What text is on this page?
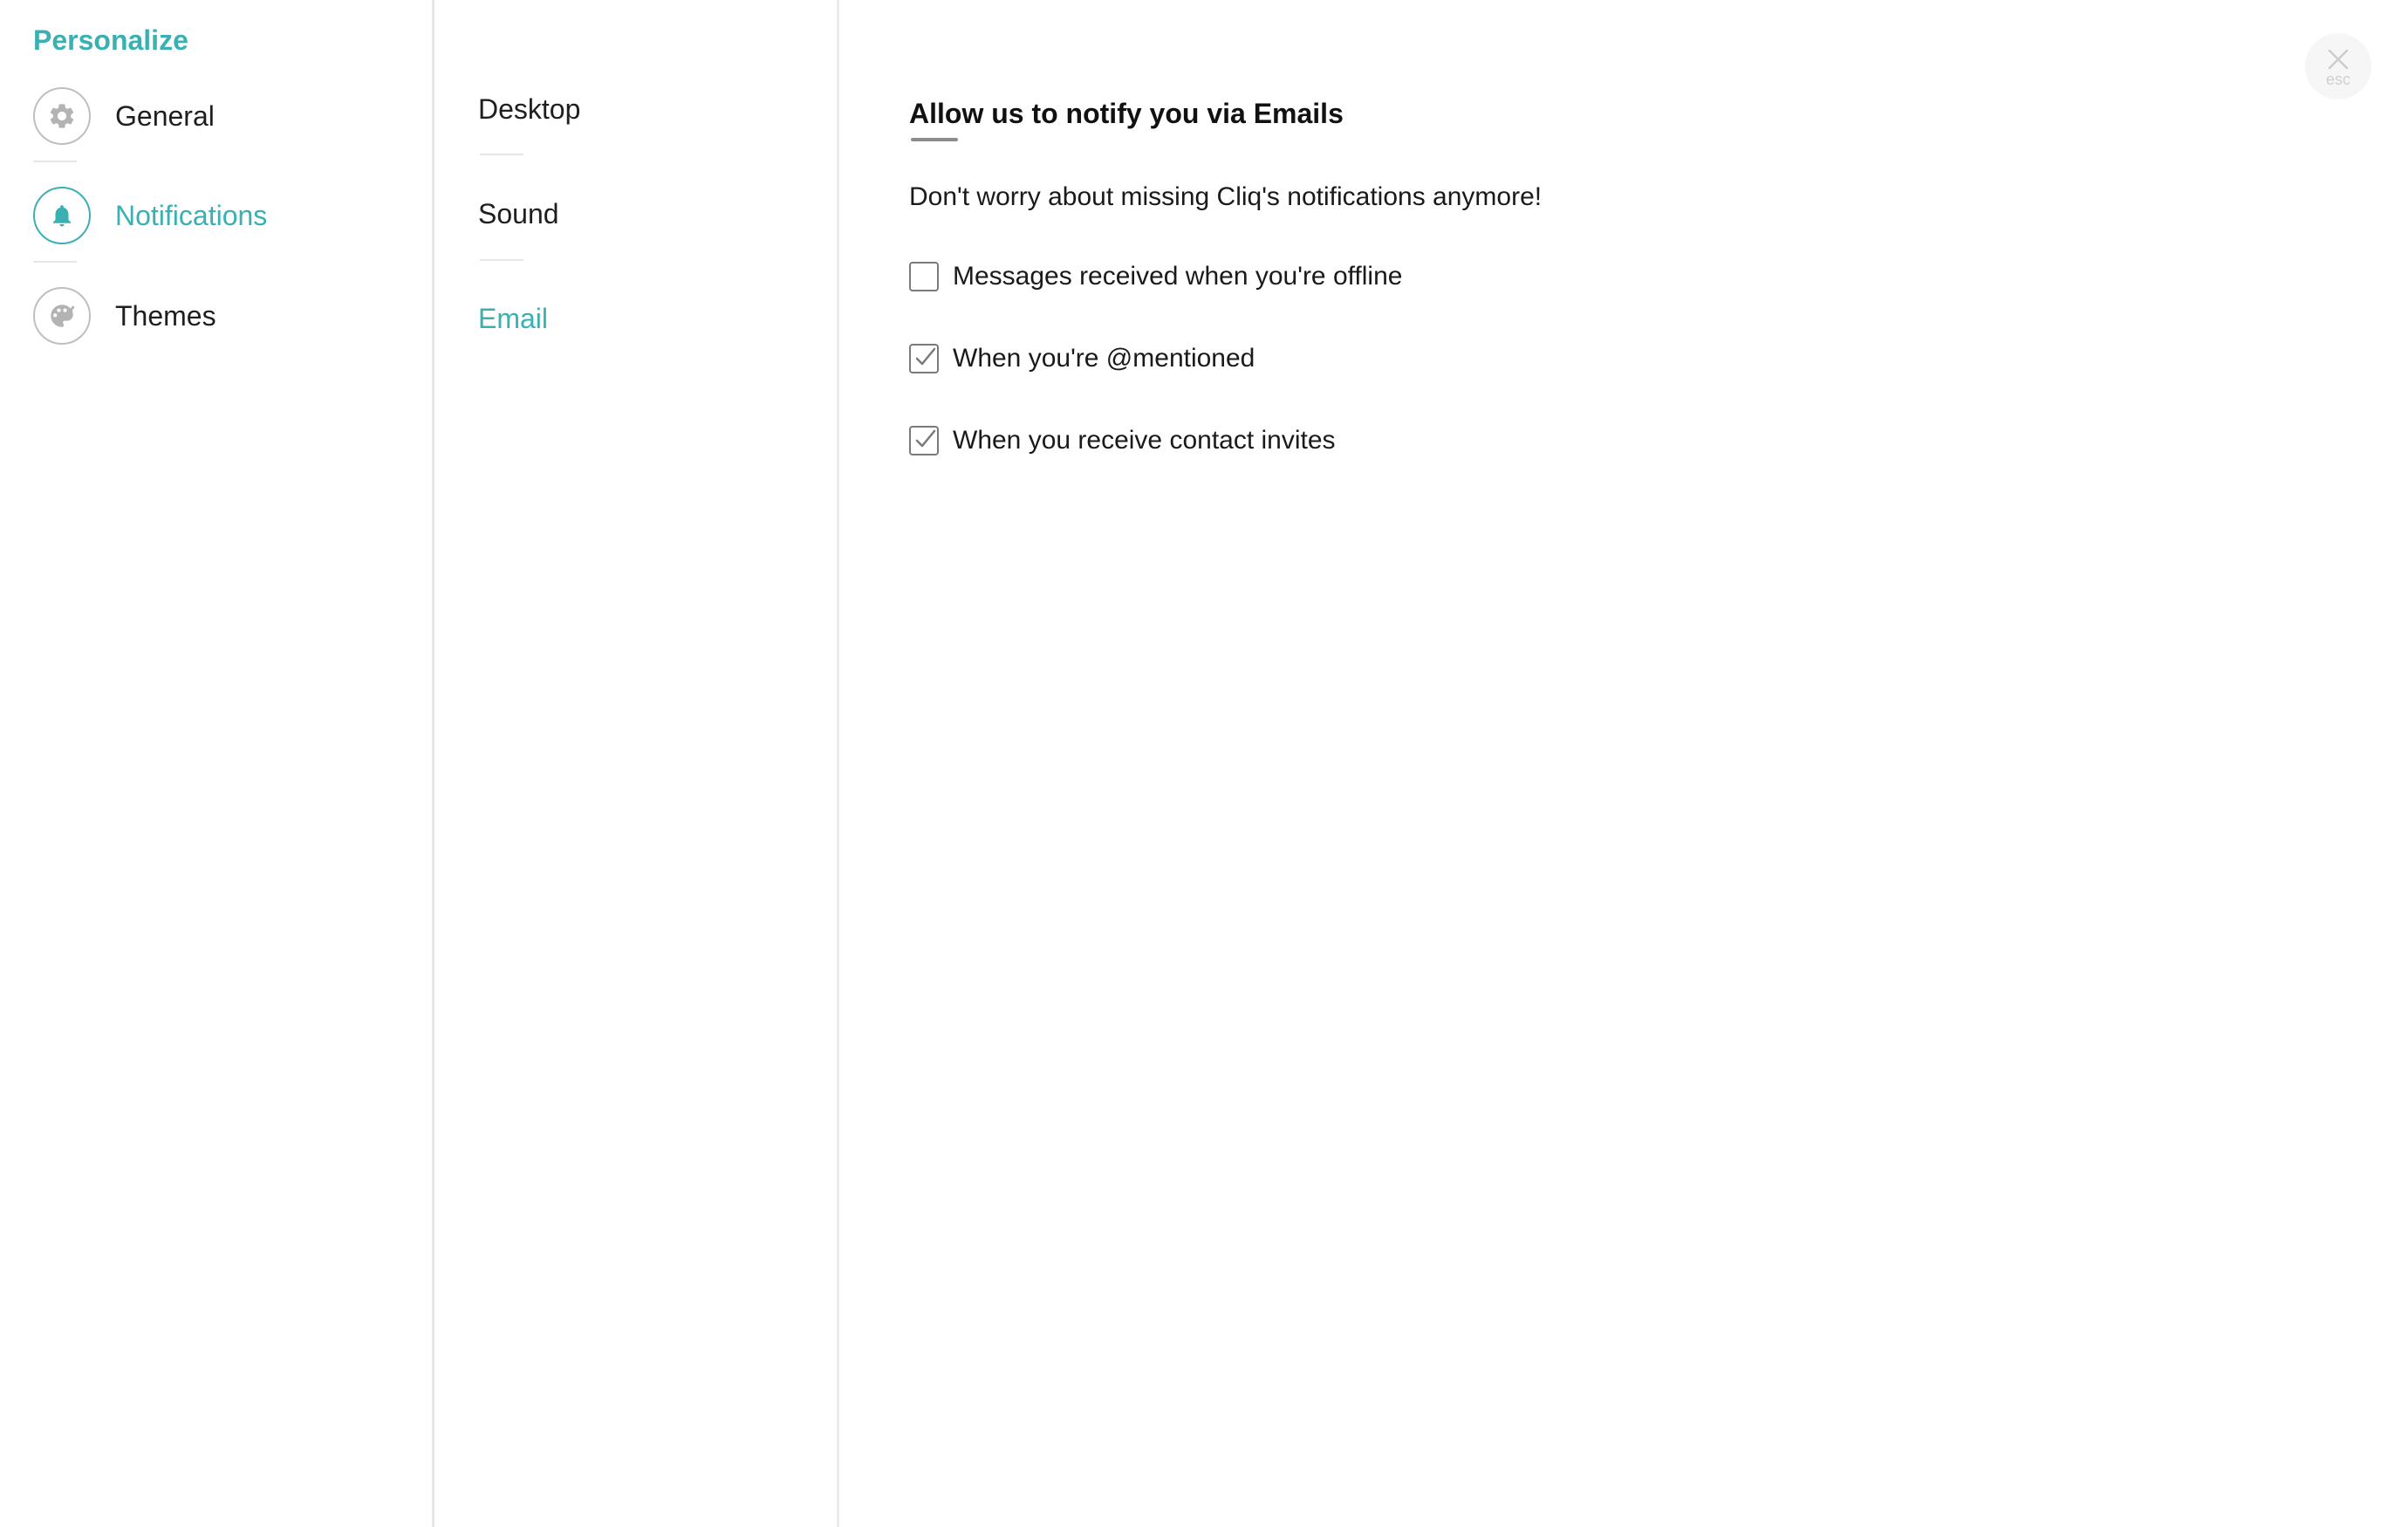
Personalize
General
Notifications
Themes
Desktop
Sound
Email
Allow us to notify you via Emails
Don't worry about missing Cliq's notifications anymore!
Messages received when you're offline
When you're @mentioned
When you receive contact invites
esc
